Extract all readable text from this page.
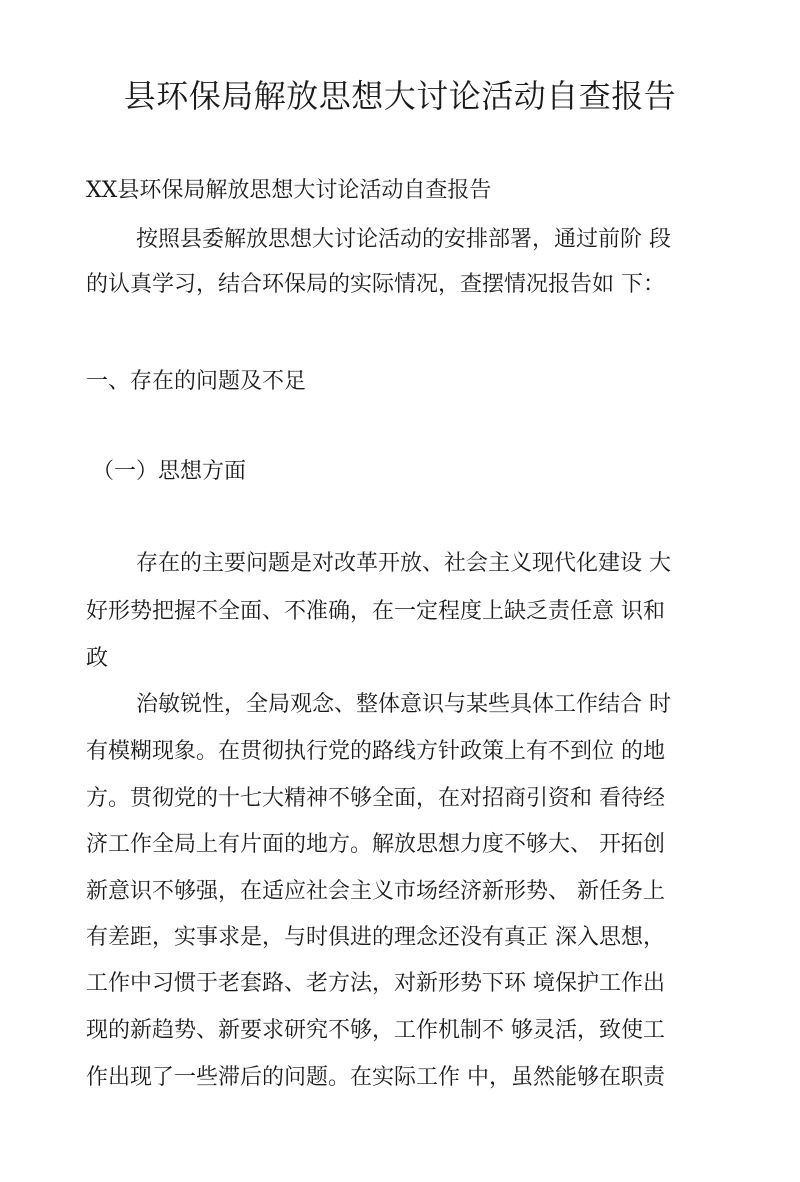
县环保局解放思想大讨论活动自查报告

XX县环保局解放思想大讨论活动自查报告

按照县委解放思想大讨论活动的安排部署，通过前阶 段

的认真学习，结合环保局的实际情况，查摆情况报告如 下：

一、存在的问题及不足

（一）思想方面

存在的主要问题是对改革开放、社会主义现代化建设 大

好形势把握不全面、不准确，在一定程度上缺乏责任意 识和

政

治敏锐性，全局观念、整体意识与某些具体工作结合 时

有模糊现象。在贯彻执行党的路线方针政策上有不到位 的地

方。贯彻党的十七大精神不够全面，在对招商引资和 看待经

济工作全局上有片面的地方。解放思想力度不够大、 开拓创

新意识不够强，在适应社会主义市场经济新形势、 新任务上

有差距，实事求是，与时俱进的理念还没有真正 深入思想，

工作中习惯于老套路、老方法，对新形势下环 境保护工作出

现的新趋势、新要求研究不够，工作机制不 够灵活，致使工

作出现了一些滞后的问题。在实际工作 中，虽然能够在职责
